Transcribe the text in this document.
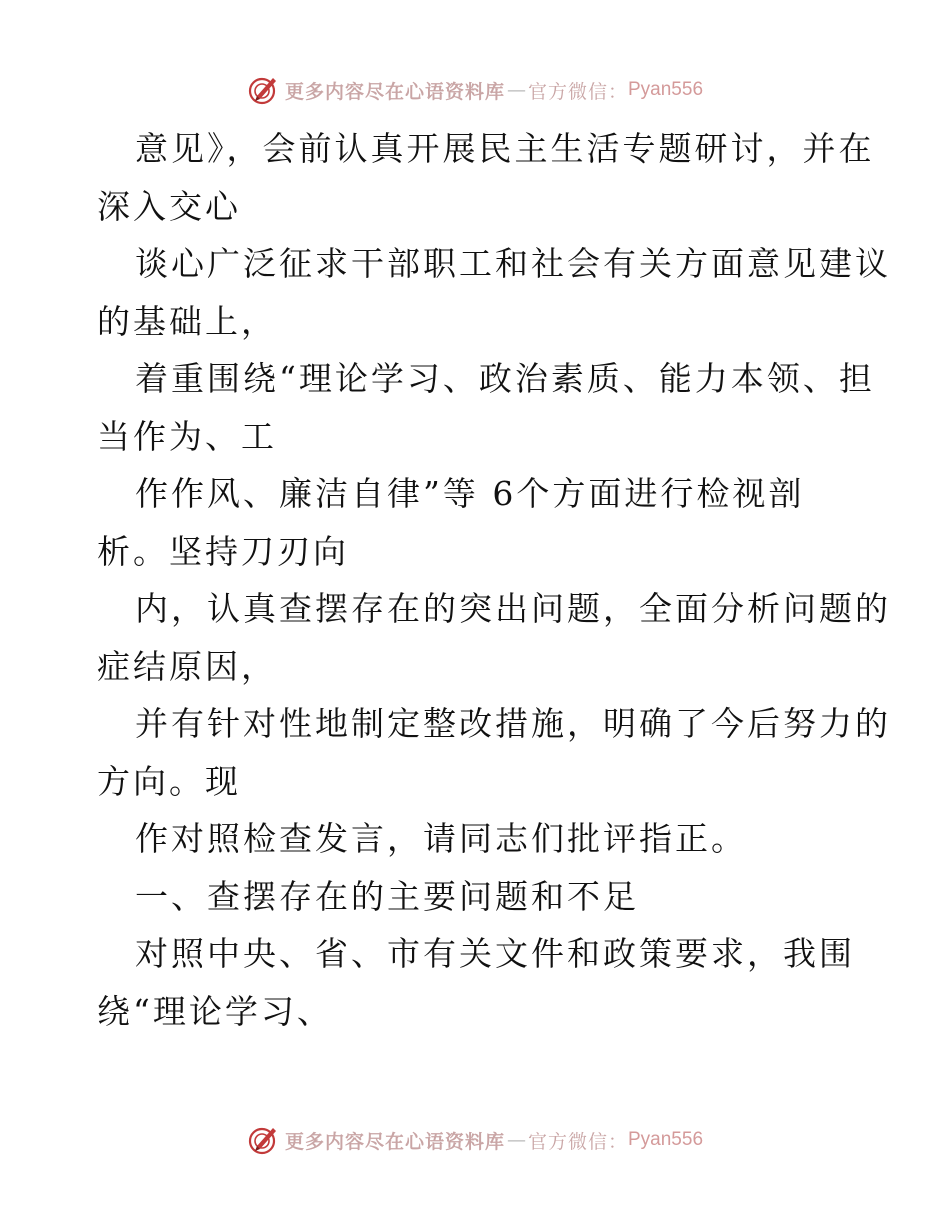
更多内容尽在心语资料库 — 官方微信： Pyan556
意见》，会前认真开展民主生活专题研讨，并在
深入交心
谈心广泛征求干部职工和社会有关方面意见建议
的基础上，
着重围绕“理论学习、政治素质、能力本领、担
当作为、工
作作风、廉洁自律”等 6个方面进行检视剖
析。坚持刀刃向
内，认真查摆存在的突出问题，全面分析问题的
症结原因，
并有针对性地制定整改措施，明确了今后努力的
方向。现
作对照检查发言，请同志们批评指正。
一、查摆存在的主要问题和不足
对照中央、省、市有关文件和政策要求，我围
绕“理论学习、
更多内容尽在心语资料库 — 官方微信： Pyan556
